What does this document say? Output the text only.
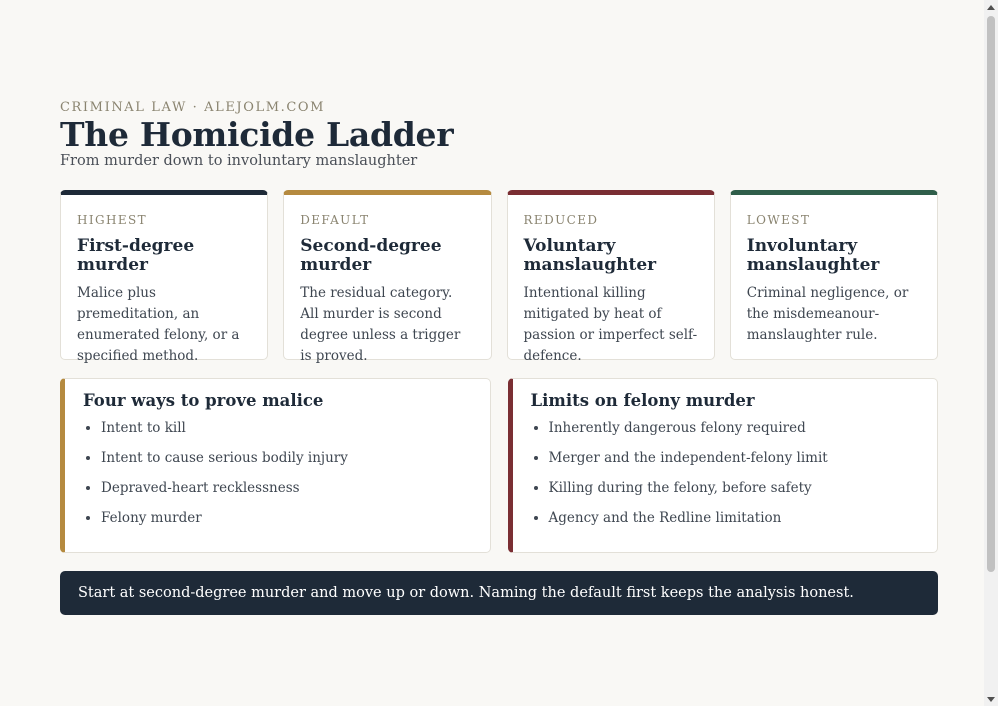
CRIMINAL LAW · ALEJOLM.COM
The Homicide Ladder
From murder down to involuntary manslaughter
HIGHEST
First-degree murder
Malice plus premeditation, an enumerated felony, or a specified method.
DEFAULT
Second-degree murder
The residual category. All murder is second degree unless a trigger is proved.
REDUCED
Voluntary manslaughter
Intentional killing mitigated by heat of passion or imperfect self-defence.
LOWEST
Involuntary manslaughter
Criminal negligence, or the misdemeanour-manslaughter rule.
Four ways to prove malice
• Intent to kill
• Intent to cause serious bodily injury
• Depraved-heart recklessness
• Felony murder
Limits on felony murder
• Inherently dangerous felony required
• Merger and the independent-felony limit
• Killing during the felony, before safety
• Agency and the Redline limitation
Start at second-degree murder and move up or down. Naming the default first keeps the analysis honest.
